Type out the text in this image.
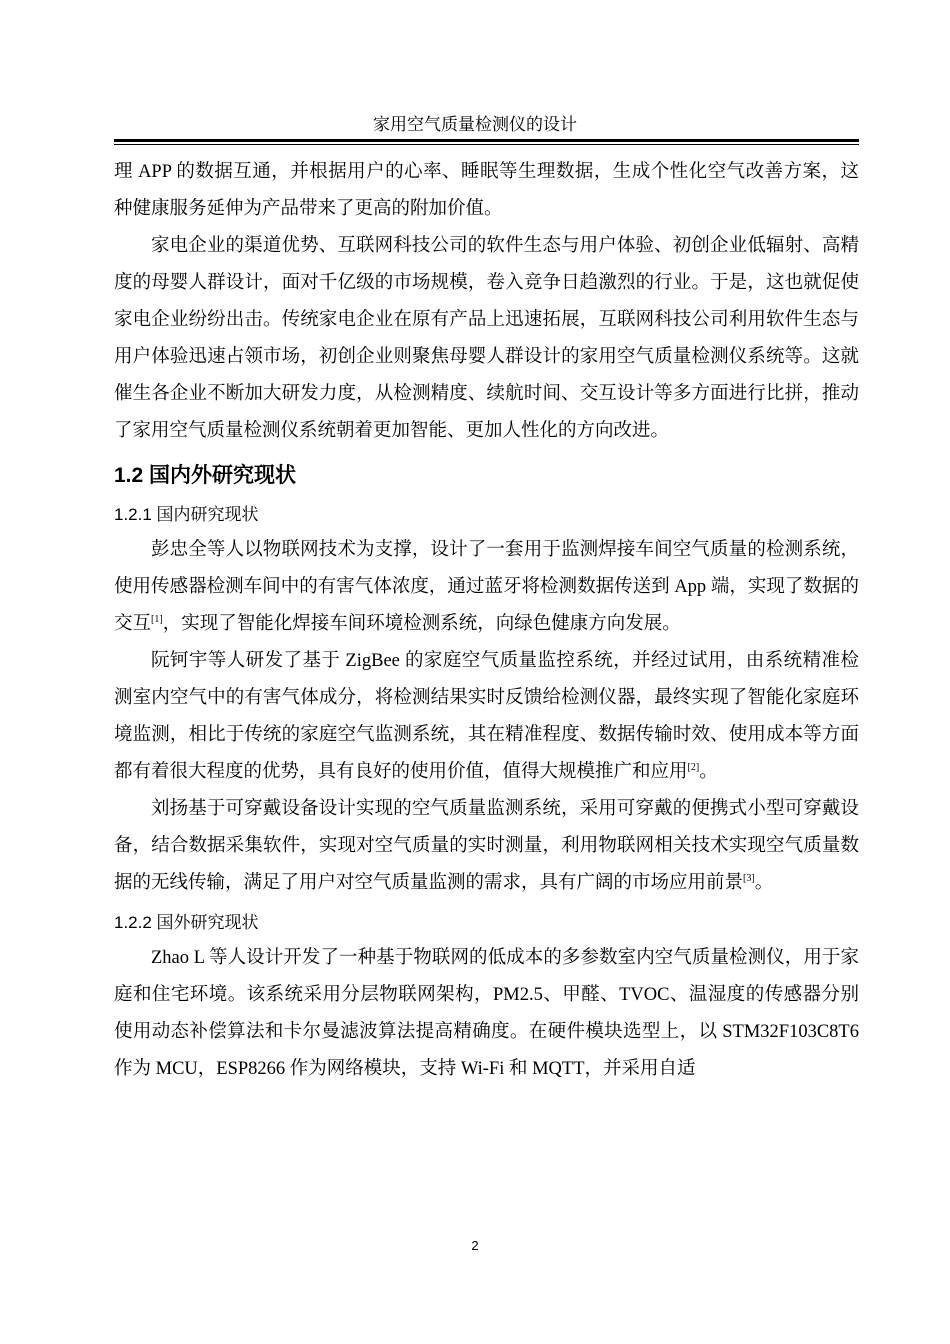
家用空气质量检测仪的设计

理 APP 的数据互通，并根据用户的心率、睡眠等生理数据，生成个性化空气改善方案，这种健康服务延伸为产品带来了更高的附加价值。

家电企业的渠道优势、互联网科技公司的软件生态与用户体验、初创企业低辐射、高精度的母婴人群设计，面对千亿级的市场规模，卷入竞争日趋激烈的行业。于是，这也就促使家电企业纷纷出击。传统家电企业在原有产品上迅速拓展，互联网科技公司利用软件生态与用户体验迅速占领市场，初创企业则聚焦母婴人群设计的家用空气质量检测仪系统等。这就催生各企业不断加大研发力度，从检测精度、续航时间、交互设计等多方面进行比拼，推动了家用空气质量检测仪系统朝着更加智能、更加人性化的方向改进。

1.2 国内外研究现状
1.2.1 国内研究现状

彭忠全等人以物联网技术为支撑，设计了一套用于监测焊接车间空气质量的检测系统，使用传感器检测车间中的有害气体浓度，通过蓝牙将检测数据传送到 App 端，实现了数据的交互[1]，实现了智能化焊接车间环境检测系统，向绿色健康方向发展。

阮钶宇等人研发了基于 ZigBee 的家庭空气质量监控系统，并经过试用，由系统精准检测室内空气中的有害气体成分，将检测结果实时反馈给检测仪器，最终实现了智能化家庭环境监测，相比于传统的家庭空气监测系统，其在精准程度、数据传输时效、使用成本等方面都有着很大程度的优势，具有良好的使用价值，值得大规模推广和应用[2]。

刘扬基于可穿戴设备设计实现的空气质量监测系统，采用可穿戴的便携式小型可穿戴设备，结合数据采集软件，实现对空气质量的实时测量，利用物联网相关技术实现空气质量数据的无线传输，满足了用户对空气质量监测的需求，具有广阔的市场应用前景[3]。

1.2.2 国外研究现状

Zhao L 等人设计开发了一种基于物联网的低成本的多参数室内空气质量检测仪，用于家庭和住宅环境。该系统采用分层物联网架构，PM2.5、甲醛、TVOC、温湿度的传感器分别使用动态补偿算法和卡尔曼滤波算法提高精确度。在硬件模块选型上，以 STM32F103C8T6 作为 MCU，ESP8266 作为网络模块，支持 Wi-Fi 和 MQTT，并采用自适

2
